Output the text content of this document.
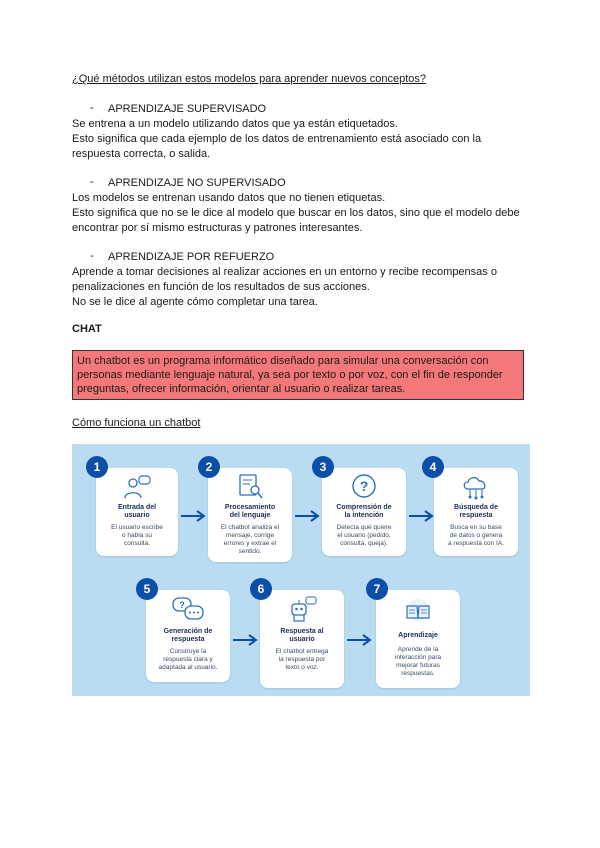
¿Qué métodos utilizan estos modelos para aprender nuevos conceptos?
- APRENDIZAJE SUPERVISADO
Se entrena a un modelo utilizando datos que ya están etiquetados.
Esto significa que cada ejemplo de los datos de entrenamiento está asociado con la
respuesta correcta, o salida.
- APRENDIZAJE NO SUPERVISADO
Los modelos se entrenan usando datos que no tienen etiquetas.
Esto significa que no se le dice al modelo que buscar en los datos, sino que el modelo debe
encontrar por sí mismo estructuras y patrones interesantes.
- APRENDIZAJE POR REFUERZO
Aprende a tomar decisiones al realizar acciones en un entorno y recibe recompensas o
penalizaciones en función de los resultados de sus acciones.
No se le dice al agente cómo completar una tarea.
CHAT
Un chatbot es un programa informático diseñado para simular una conversación con
personas mediante lenguaje natural, ya sea por texto o por voz, con el fin de responder
preguntas, ofrecer información, orientar al usuario o realizar tareas.
Cómo funciona un chatbot
Entrada del
usuario
El usuario escribe
o habla su
consulta.
1
Procesamiento
del lenguaje
El chatbot analiza el
mensaje, corrige
errores y extrae el
sentido.
2
?
Comprensión de
la intención
Detecta qué quiere
el usuario (pedido,
consulta, queja).
3
Búsqueda de
respuesta
Busca en su base
de datos o genera
a respuesta con IA.
4
?
Generación de
respuesta
Construye la
respuesta clara y
adaptada al usuario.
5
Respuesta al
usuario
El chatbot entrega
la respuesta por
texto o voz.
6
Aprendizaje
Aprende de la
interacción para
mejorar futuras
respuestas.
7
